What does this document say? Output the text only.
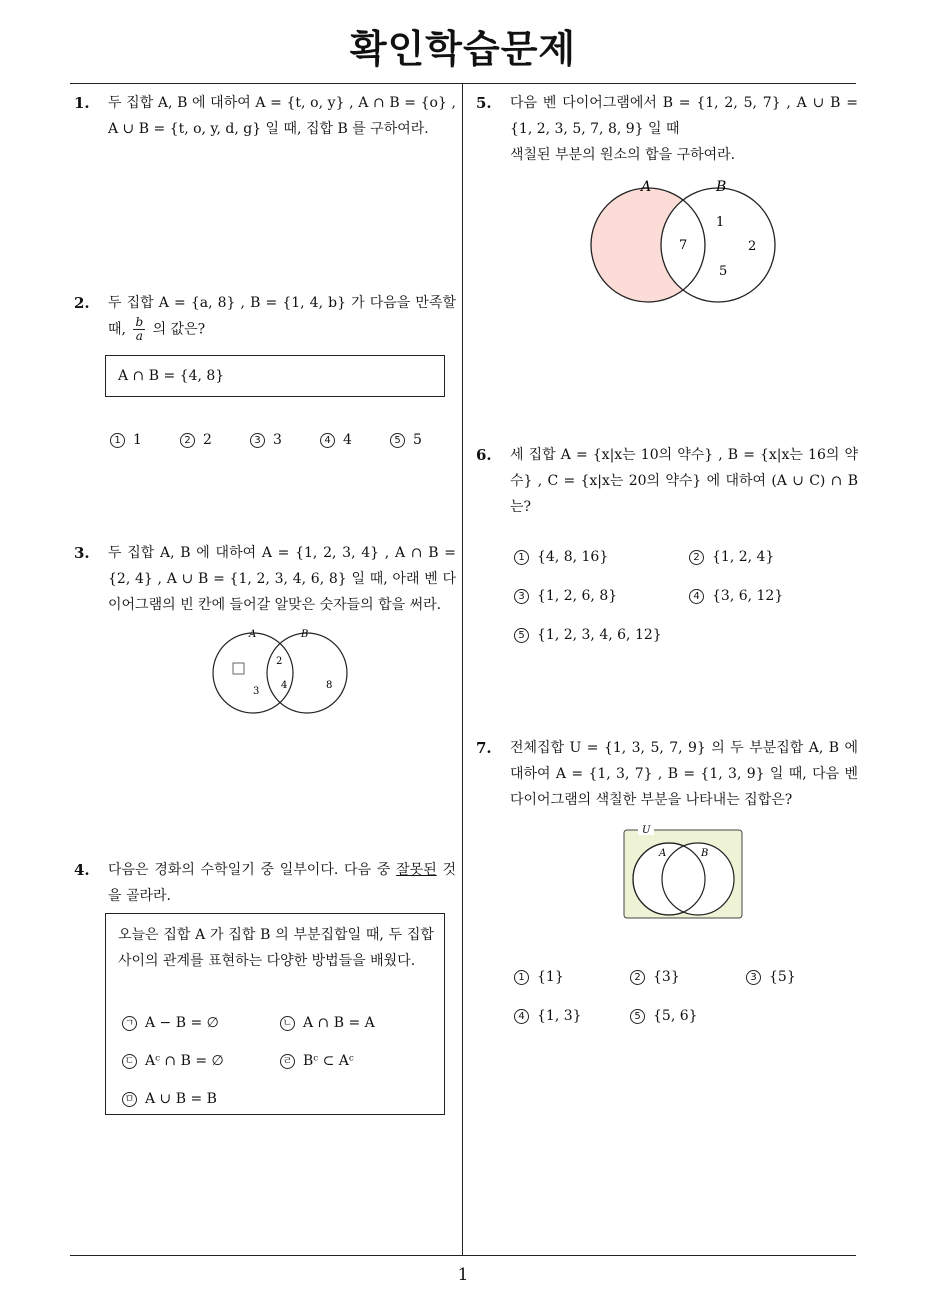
확인학습문제
1. 두 집합 A, B 에 대하여 A = {t, o, y} , A ∩ B = {o} , A ∪ B = {t, o, y, d, g} 일 때, 집합 B 를 구하여라.
2. 두 집합 A = {a, 8} , B = {1, 4, b} 가 다음을 만족할 때, $\frac{b}{a}$ 의 값은?
A ∩ B = {4, 8}
1 1	2 2	3 3	4 4	5 5
3. 두 집합 A, B 에 대하여 A = {1, 2, 3, 4} , A ∩ B = {2, 4} , A ∪ B = {1, 2, 3, 4, 6, 8} 일 때, 아래 벤 다이어그램의 빈 칸에 들어갈 알맞은 숫자들의 합을 써라.
A	B
2
3
4	8
4. 다음은 경화의 수학일기 중 일부이다. 다음 중 잘못된 것을 골라라.
오늘은 집합 A 가 집합 B 의 부분집합일 때, 두 집합사이의 관계를 표현하는 다양한 방법들을 배웠다.
ㄱ A − B = ∅	ㄴ A ∩ B = A
ㄷ Aᶜ ∩ B = ∅	ㄹ Bᶜ ⊂ Aᶜ
ㅁ A ∪ B = B
5. 다음 벤 다이어그램에서 B = {1, 2, 5, 7} , A ∪ B = {1, 2, 3, 5, 7, 8, 9} 일 때
색칠된 부분의 원소의 합을 구하여라.
A	B
7
1
2
5
6. 세 집합 A = {x|x는 10의 약수} , B = {x|x는 16의 약수} , C = {x|x는 20의 약수} 에 대하여 (A ∪ C) ∩ B 는?
1 {4, 8, 16}	2 {1, 2, 4}
3 {1, 2, 6, 8}	4 {3, 6, 12}
5 {1, 2, 3, 4, 6, 12}
7. 전체집합 U = {1, 3, 5, 7, 9} 의 두 부분집합 A, B 에 대하여 A = {1, 3, 7} , B = {1, 3, 9} 일 때, 다음 벤 다이어그램의 색칠한 부분을 나타내는 집합은?
U
A	B
1 {1}	2 {3}	3 {5}
4 {1, 3}	5 {5, 6}
1
